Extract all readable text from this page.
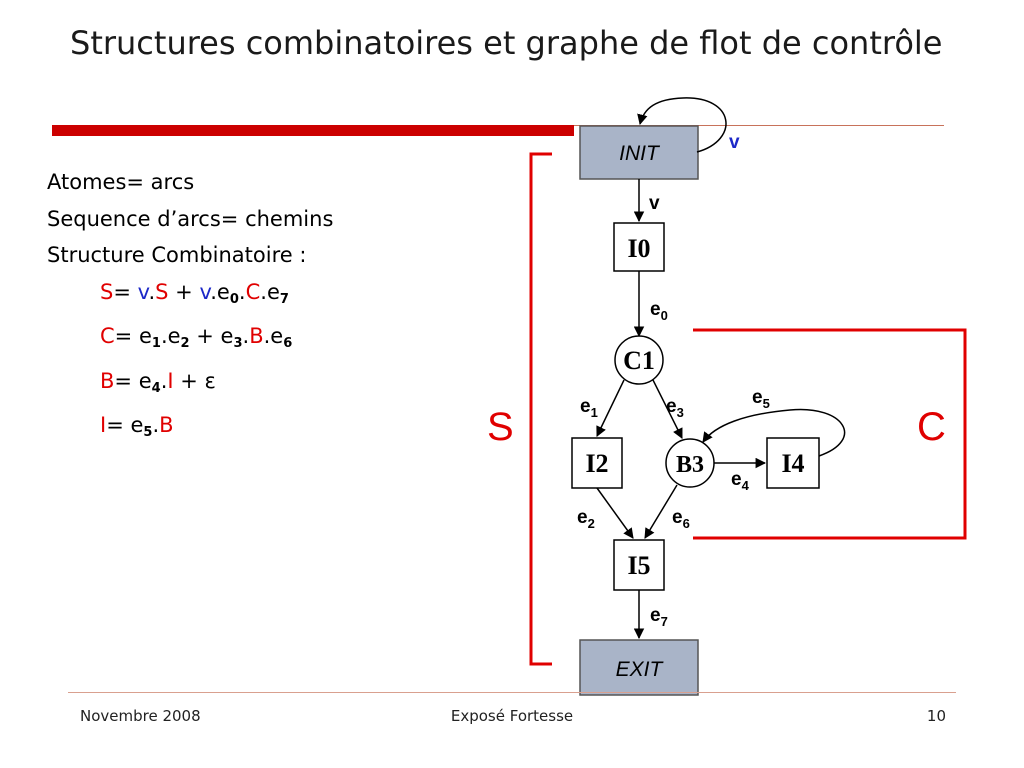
Structures combinatoires et graphe de flot de contrôle
Atomes= arcs
Sequence d’arcs= chemins
Structure Combinatoire :
$S= v.S + v.e_0.C.e_7$
$C= e_1.e_2 + e_3.B.e_6$
$B= e_4.I + \varepsilon$
$I= e_5.B$
INIT
EXIT
v
v
I0
$e_0$
C1
$e_1$	$e_3$
I2	B3
$e_4$
I4
$e_5$
$e_2$	$e_6$
I5
$e_7$
S	C
Novembre 2008	Exposé Fortesse	10
